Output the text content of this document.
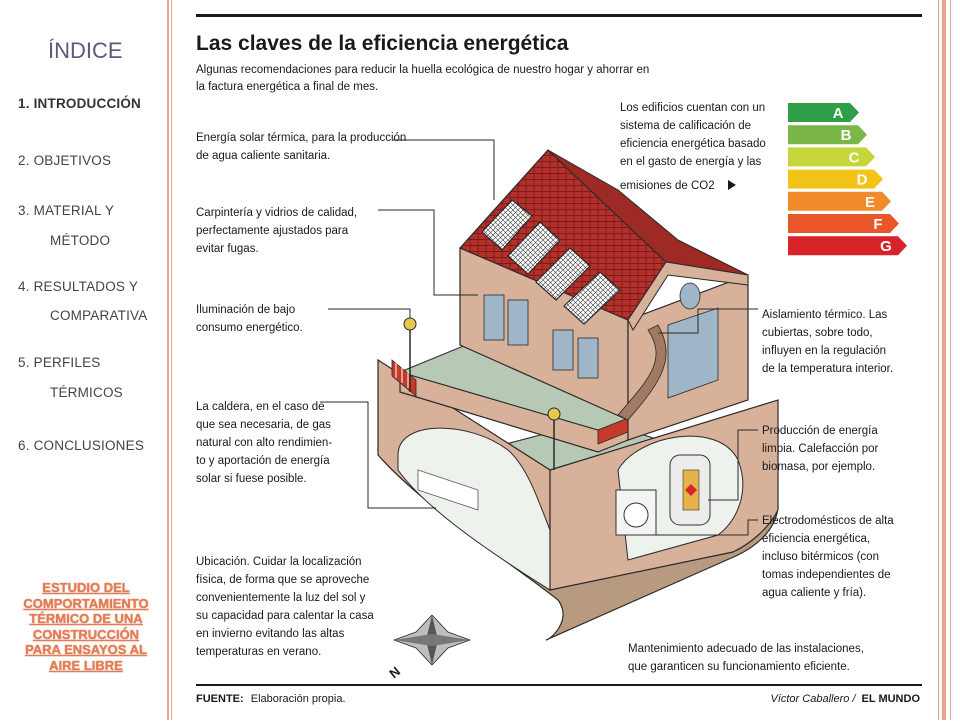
ÍNDICE
1. INTRODUCCIÓN
2. OBJETIVOS
3. MATERIAL Y
MÉTODO
4. RESULTADOS Y
COMPARATIVA
5. PERFILES
TÉRMICOS
6. CONCLUSIONES
ESTUDIO DEL
COMPORTAMIENTO
TÉRMICO DE UNA
CONSTRUCCIÓN
PARA ENSAYOS AL
AIRE LIBRE
Las claves de la eficiencia energética
Algunas recomendaciones para reducir la huella ecológica de nuestro hogar y ahorrar en
la factura energética a final de mes.
Los edificios cuentan con un
sistema de calificación de
eficiencia energética basado
en el gasto de energía y las
emisiones de CO2
A
B
C
D
E
F
G
Energía solar térmica, para la producción
de agua caliente sanitaria.
Carpintería y vidrios de calidad,
perfectamente ajustados para
evitar fugas.
Iluminación de bajo
consumo energético.
La caldera, en el caso de
que sea necesaria, de gas
natural con alto rendimien-
to y aportación de energía
solar si fuese posible.
Ubicación. Cuidar la localización
física, de forma que se aproveche
convenientemente la luz del sol y
su capacidad para calentar la casa
en invierno evitando las altas
temperaturas en verano.
Aislamiento térmico. Las
cubiertas, sobre todo,
influyen en la regulación
de la temperatura interior.
Producción de energía
limpia. Calefacción por
biomasa, por ejemplo.
Electrodomésticos de alta
eficiencia energética,
incluso bitérmicos (con
tomas independientes de
agua caliente y fría).
Mantenimiento adecuado de las instalaciones,
que garanticen su funcionamiento eficiente.
N
FUENTE: Elaboración propia.	Víctor Caballero / EL MUNDO
